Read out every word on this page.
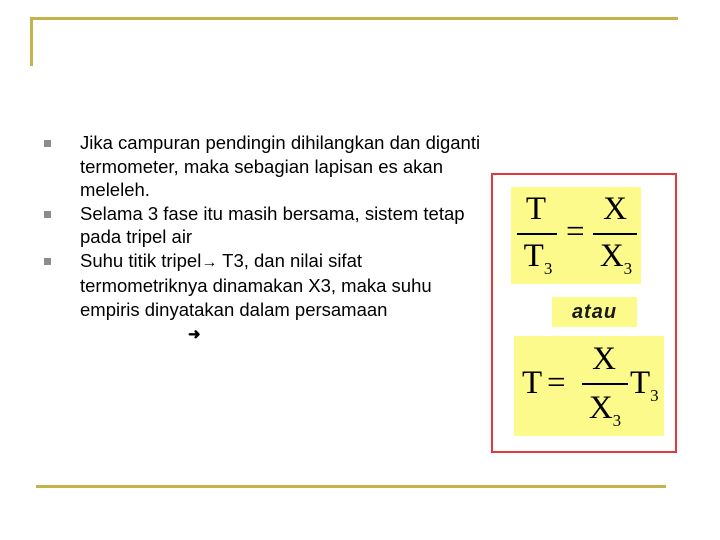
Jika campuran pendingin dihilangkan dan diganti termometer, maka sebagian lapisan es akan meleleh.
Selama 3 fase itu masih bersama, sistem tetap pada tripel air
Suhu titik tripel→ T3, dan nilai sifat termometriknya dinamakan X3, maka suhu empiris dinyatakan dalam persamaan ➜
T
$T_3$
=
X
$X_3$
atau
T =
X
$X_3$
$T_3$
